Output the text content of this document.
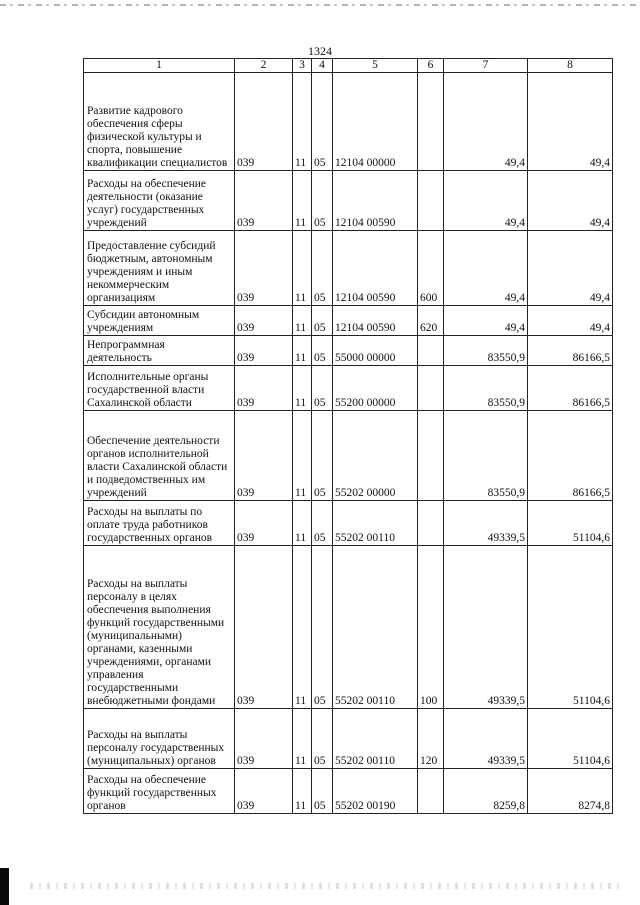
1324
1	2	3	4	5	6	7	8
Развитие кадрового обеспечения сферы физической культуры и спорта, повышение квалификации специалистов	039	11	05	12104 00000		49,4	49,4
Расходы на обеспечение деятельности (оказание услуг) государственных учреждений	039	11	05	12104 00590		49,4	49,4
Предоставление субсидий бюджетным, автономным учреждениям и иным некоммерческим организациям	039	11	05	12104 00590	600	49,4	49,4
Субсидии автономным учреждениям	039	11	05	12104 00590	620	49,4	49,4
Непрограммная деятельность	039	11	05	55000 00000		83550,9	86166,5
Исполнительные органы государственной власти Сахалинской области	039	11	05	55200 00000		83550,9	86166,5
Обеспечение деятельности органов исполнительной власти Сахалинской области и подведомственных им учреждений	039	11	05	55202 00000		83550,9	86166,5
Расходы на выплаты по оплате труда работников государственных органов	039	11	05	55202 00110		49339,5	51104,6
Расходы на выплаты персоналу в целях обеспечения выполнения функций государственными (муниципальными) органами, казенными учреждениями, органами управления государственными внебюджетными фондами	039	11	05	55202 00110	100	49339,5	51104,6
Расходы на выплаты персоналу государственных (муниципальных) органов	039	11	05	55202 00110	120	49339,5	51104,6
Расходы на обеспечение функций государственных органов	039	11	05	55202 00190		8259,8	8274,8
